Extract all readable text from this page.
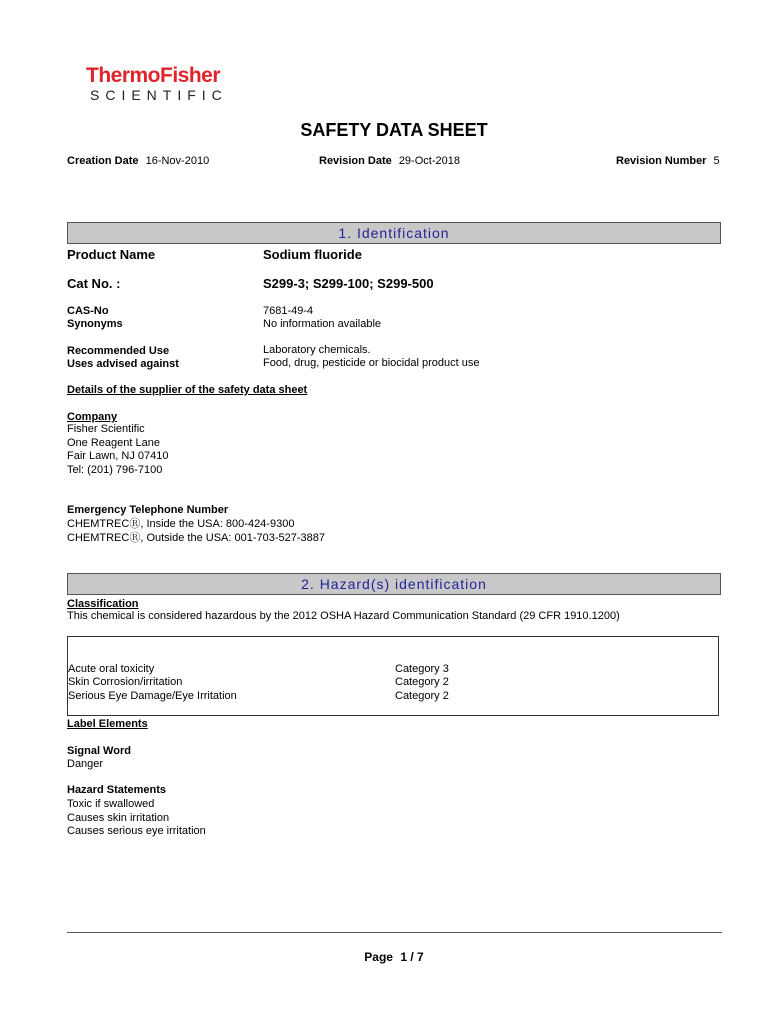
ThermoFisher
SCIENTIFIC
SAFETY DATA SHEET
Creation Date 16-Nov-2010	Revision Date 29-Oct-2018	Revision Number 5
1. Identification
Product Name	Sodium fluoride
Cat No. :	S299-3; S299-100; S299-500
CAS-No	7681-49-4
Synonyms	No information available
Recommended Use	Laboratory chemicals.
Uses advised against	Food, drug, pesticide or biocidal product use
Details of the supplier of the safety data sheet
Company
Fisher Scientific
One Reagent Lane
Fair Lawn, NJ 07410
Tel: (201) 796-7100
Emergency Telephone Number
CHEMTRECⓇ, Inside the USA: 800-424-9300
CHEMTRECⓇ, Outside the USA: 001-703-527-3887
2. Hazard(s) identification
Classification
This chemical is considered hazardous by the 2012 OSHA Hazard Communication Standard (29 CFR 1910.1200)
Acute oral toxicity	Category 3
Skin Corrosion/irritation	Category 2
Serious Eye Damage/Eye Irritation	Category 2
Label Elements
Signal Word
Danger
Hazard Statements
Toxic if swallowed
Causes skin irritation
Causes serious eye irritation
Page 1 / 7
